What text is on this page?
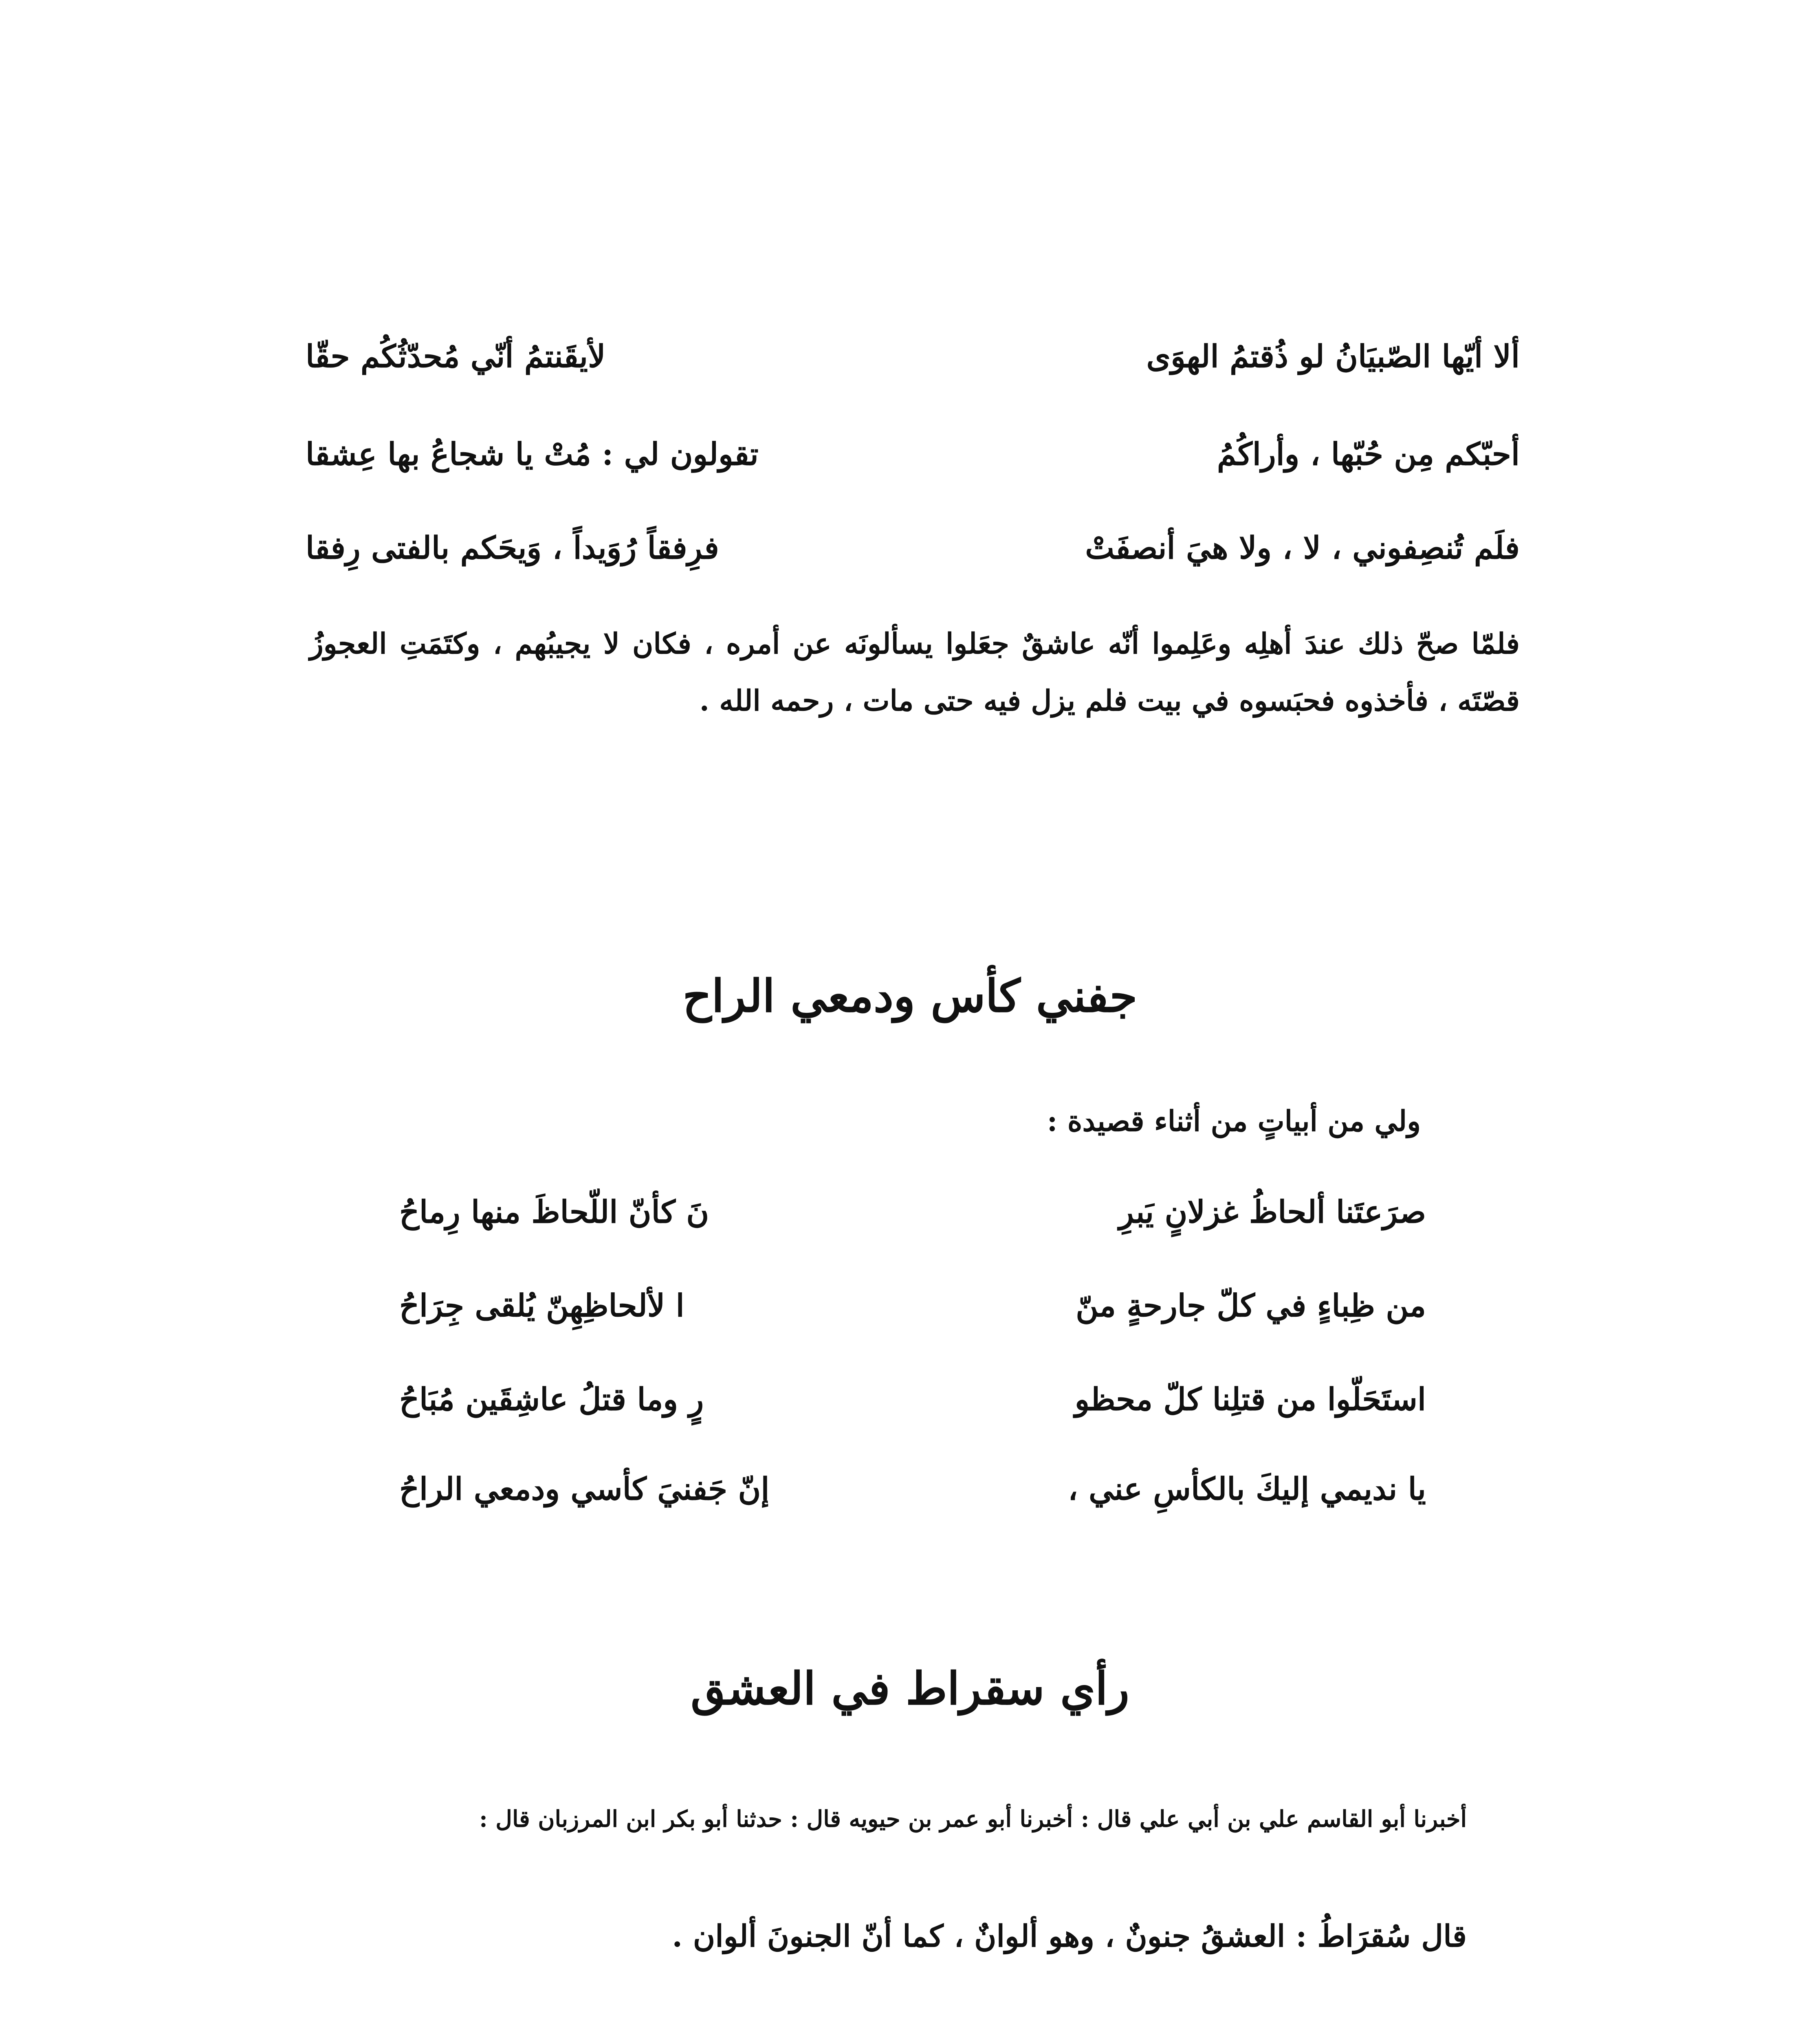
ألا أيّها الصّبيَانُ لو ذُقتمُ الهوَى
لأيقَنتمُ أنّي مُحدّثُكُم حقّا
أحبّكم مِن حُبّها ، وأراكُمُ
تقولون لي : مُتْ يا شجاعُ بها عِشقا
فلَم تُنصِفوني ، لا ، ولا هيَ أنصفَتْ
فرِفقاً رُوَيداً ، وَيحَكم بالفتى رِفقا
فلمّا صحّ ذلك عندَ أهلِه وعَلِموا أنّه عاشقٌ جعَلوا يسألونَه عن أمره ، فكان لا يجيبُهم ، وكتَمَتِ العجوزُ قصّتَه ، فأخذوه فحبَسوه في بيت فلم يزل فيه حتى مات ، رحمه الله .
جفني كأس ودمعي الراح
ولي من أبياتٍ من أثناء قصيدة :
صرَعتَنا ألحاظُ غزلانٍ يَبرِ
نَ كأنّ اللّحاظَ منها رِماحُ
من ظِباءٍ في كلّ جارحةٍ منّ
ا لألحاظِهِنّ يُلقى جِرَاحُ
استَحَلّوا من قتلِنا كلّ محظو
رٍ وما قتلُ عاشِقَين مُبَاحُ
يا نديمي إليكَ بالكأسِ عني ،
إنّ جَفنيَ كأسي ودمعي الراحُ
رأي سقراط في العشق
أخبرنا أبو القاسم علي بن أبي علي قال : أخبرنا أبو عمر بن حيويه قال : حدثنا أبو بكر ابن المرزبان قال :
قال سُقرَاطُ : العشقُ جنونٌ ، وهو ألوانٌ ، كما أنّ الجنونَ ألوان .
